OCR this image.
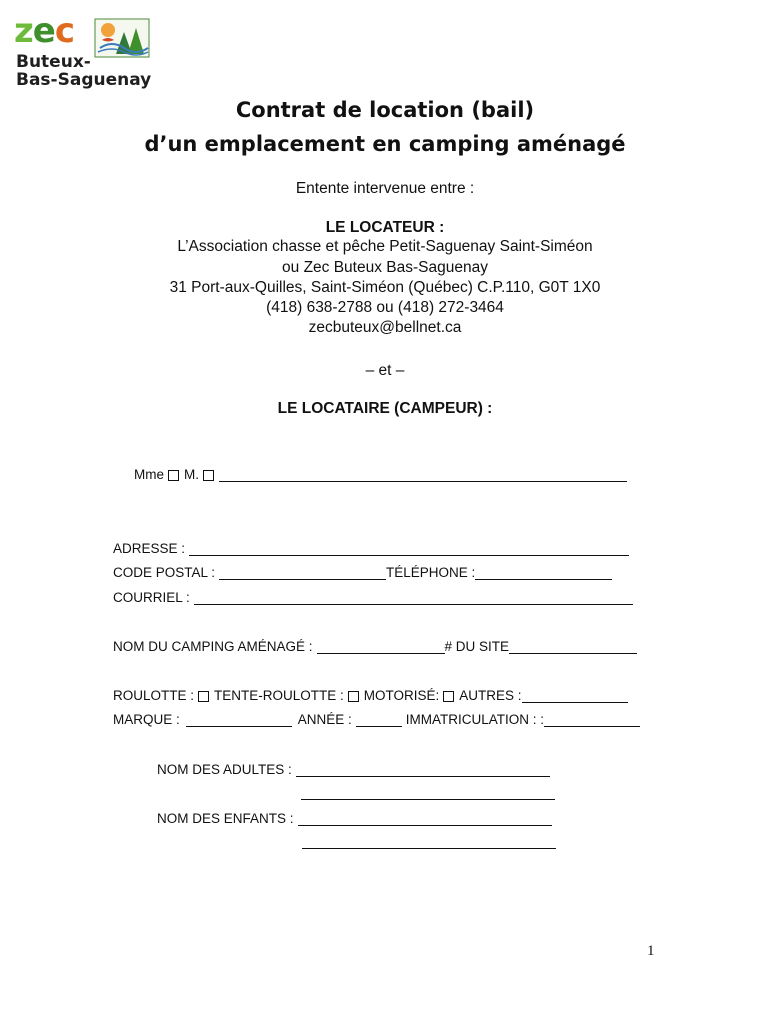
zec
Buteux-
Bas-Saguenay
Contrat de location (bail)
d’un emplacement en camping aménagé
Entente intervenue entre :
LE LOCATEUR :
L’Association chasse et pêche Petit-Saguenay Saint-Siméon
ou Zec Buteux Bas-Saguenay
31 Port-aux-Quilles, Saint-Siméon (Québec) C.P.110, G0T 1X0
(418) 638-2788 ou (418) 272-3464
zecbuteux@bellnet.ca
– et –
LE LOCATAIRE (CAMPEUR) :
Mme M.
ADRESSE :
CODE POSTAL :	TÉLÉPHONE :
COURRIEL :
NOM DU CAMPING AMÉNAGÉ :	# DU SITE
ROULOTTE : TENTE-ROULOTTE : MOTORISÉ: AUTRES :
MARQUE :	ANNÉE :	IMMATRICULATION : :
NOM DES ADULTES :
NOM DES ENFANTS :
1
